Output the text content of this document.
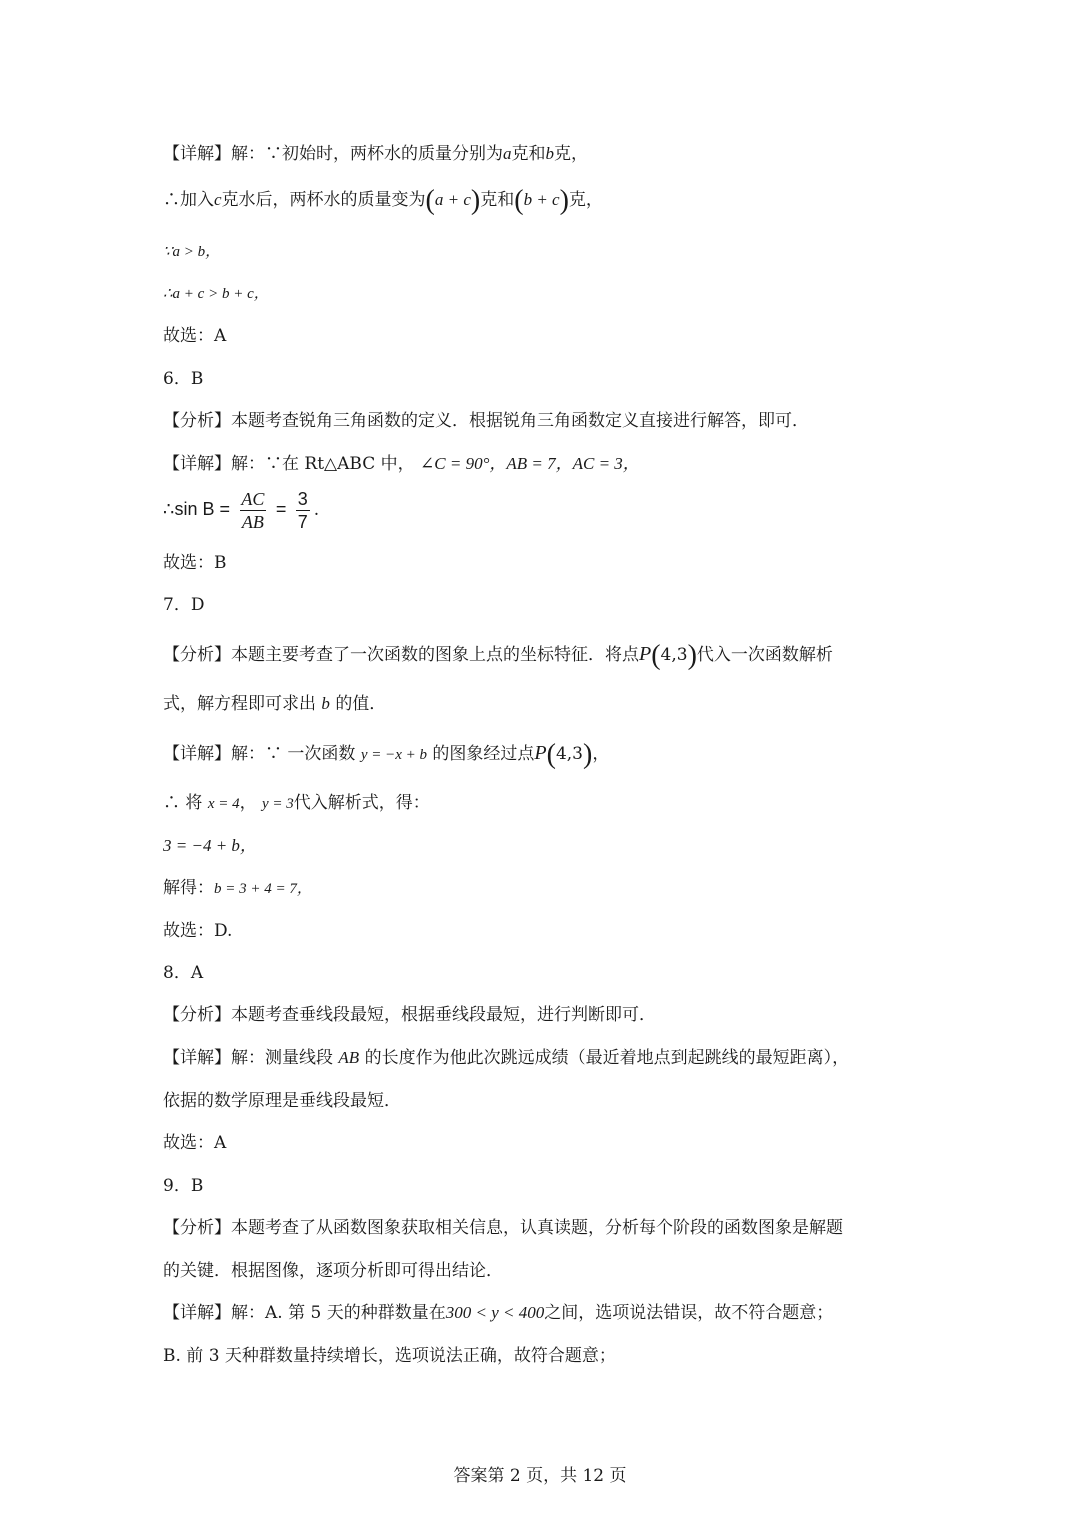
【详解】解：∵初始时，两杯水的质量分别为a克和b克，
∴加入c克水后，两杯水的质量变为(a + c)克和(b + c)克，
∵a > b，
∴a + c > b + c，
故选：A
6．B
【分析】本题考查锐角三角函数的定义．根据锐角三角函数定义直接进行解答，即可．
【详解】解：∵在 Rt△ABC 中， ∠C = 90°，AB = 7，AC = 3，
∴sin $B = \frac{AC}{AB} = \frac{3}{7}$ .
故选：B
7．D
【分析】本题主要考查了一次函数的图象上点的坐标特征．将点P(4,3)代入一次函数解析
式，解方程即可求出 b 的值．
【详解】解：∵ 一次函数 y = −x + b 的图象经过点P(4,3)，
∴ 将 x = 4， y = 3代入解析式，得：
3 = −4 + b，
解得：b = 3 + 4 = 7，
故选：D.
8．A
【分析】本题考查垂线段最短，根据垂线段最短，进行判断即可．
【详解】解：测量线段 AB 的长度作为他此次跳远成绩（最近着地点到起跳线的最短距离），
依据的数学原理是垂线段最短．
故选：A
9．B
【分析】本题考查了从函数图象获取相关信息，认真读题，分析每个阶段的函数图象是解题
的关键．根据图像，逐项分析即可得出结论．
【详解】解：A. 第 5 天的种群数量在300 < y < 400之间，选项说法错误，故不符合题意；
B. 前 3 天种群数量持续增长，选项说法正确，故符合题意；
答案第 2 页，共 12 页
